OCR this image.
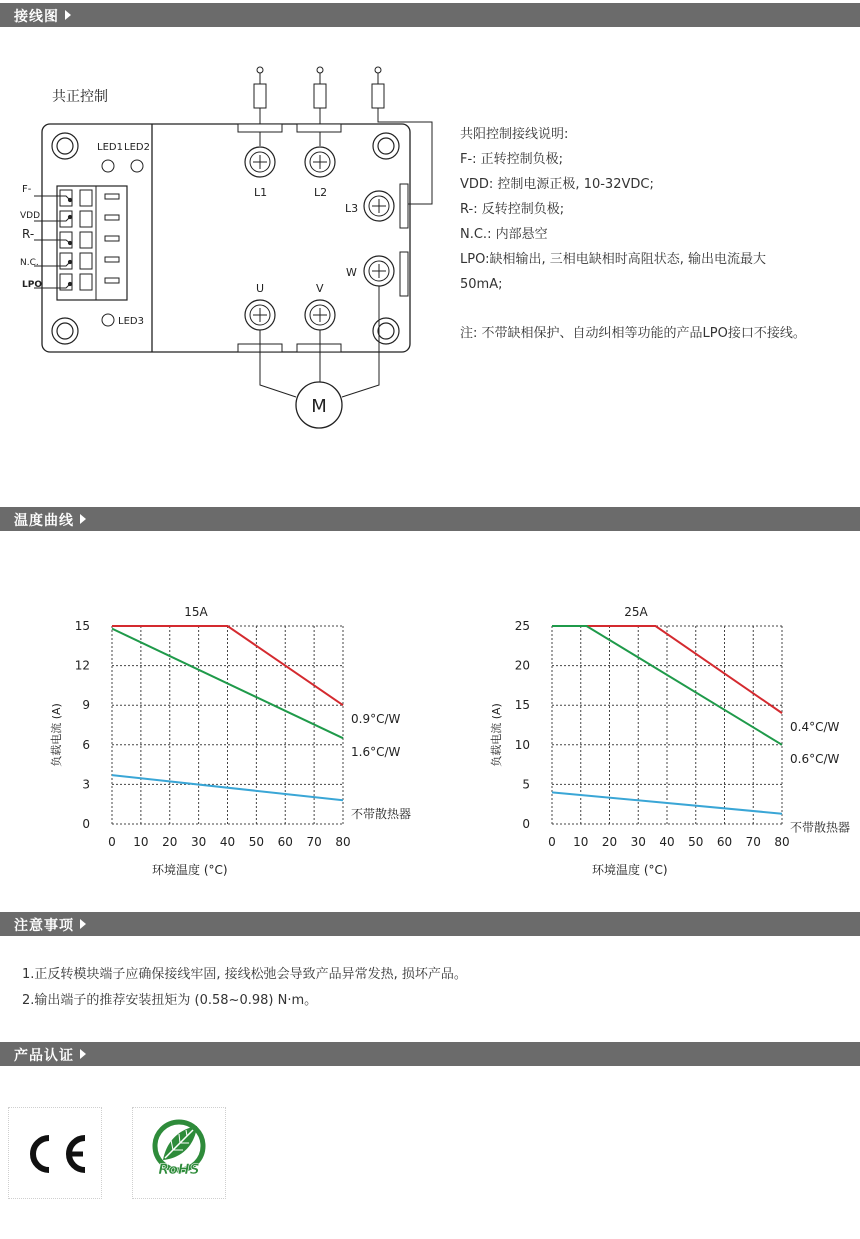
接线图
共正控制
LED1 LED2
LED3
F-
VDD
R-
N.C.
LPO
L1	L2
L3
W
U	V
M
共阳控制接线说明:
F-: 正转控制负极;
VDD: 控制电源正极, 10-32VDC;
R-: 反转控制负极;
N.C.: 内部悬空
LPO:缺相输出, 三相电缺相时高阻状态, 输出电流最大
50mA;
注: 不带缺相保护、自动纠相等功能的产品LPO接口不接线。
温度曲线
0 10 20 30 40 50 60 70 80
0
3
6
9
12
15
15A
环境温度 (°C)
负载电流 (A)	0.9°C/W
1.6°C/W
不带散热器
0 10 20 30 40 50 60 70 80
0
5
10
15
20
25
25A
环境温度 (°C)
负载电流 (A)	0.4°C/W
0.6°C/W
不带散热器
注意事项
1.正反转模块端子应确保接线牢固, 接线松弛会导致产品异常发热, 损坏产品。
2.输出端子的推荐安装扭矩为 (0.58~0.98) N·m。
产品认证
CE
RoHS
